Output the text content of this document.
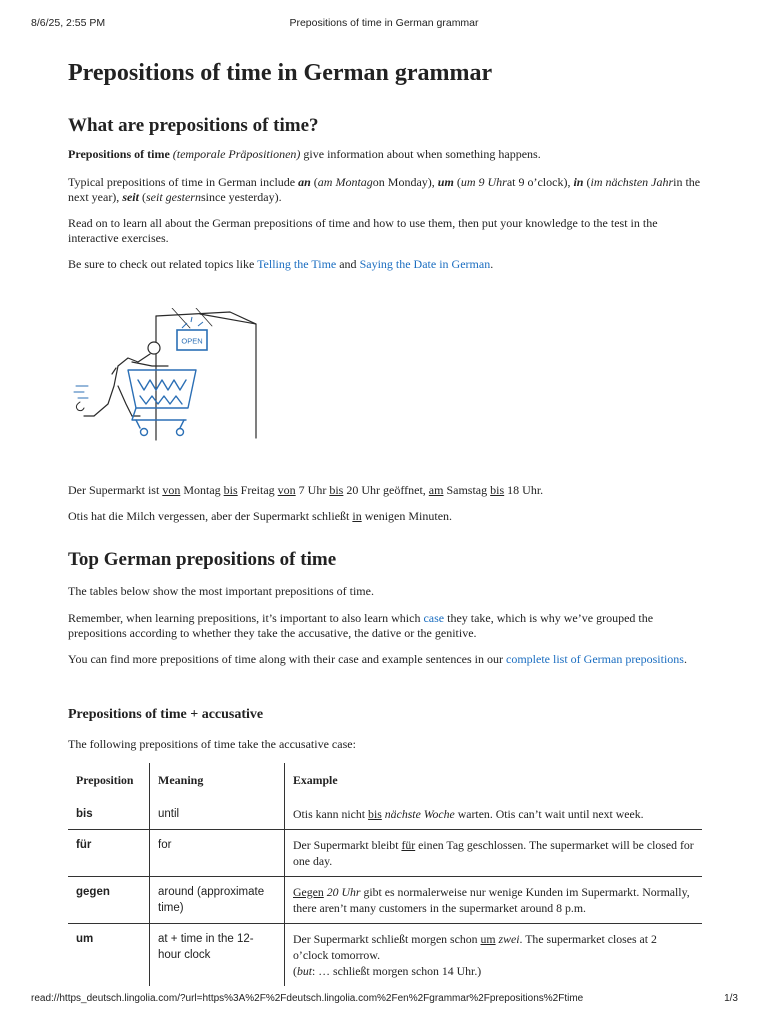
8/6/25, 2:55 PM	Prepositions of time in German grammar
Prepositions of time in German grammar
What are prepositions of time?

Prepositions of time (temporale Präpositionen) give information about when something happens.

Typical prepositions of time in German include an (am Montagon Monday), um (um 9 Uhrat 9 o’clock), in (im nächsten Jahrin the next year), seit (seit gesternsince yesterday).

Read on to learn all about the German prepositions of time and how to use them, then put your knowledge to the test in the interactive exercises.

Be sure to check out related topics like Telling the Time and Saying the Date in German.

OPEN

Der Supermarkt ist von Montag bis Freitag von 7 Uhr bis 20 Uhr geöffnet, am Samstag bis 18 Uhr.

Otis hat die Milch vergessen, aber der Supermarkt schließt in wenigen Minuten.

Top German prepositions of time

The tables below show the most important prepositions of time.

Remember, when learning prepositions, it’s important to also learn which case they take, which is why we’ve grouped the prepositions according to whether they take the accusative, the dative or the genitive.

You can find more prepositions of time along with their case and example sentences in our complete list of German prepositions.

Prepositions of time + accusative

The following prepositions of time take the accusative case:

Preposition	Meaning	Example
bis	until	Otis kann nicht bis nächste Woche warten. Otis can’t wait until next week.
für	for	Der Supermarkt bleibt für einen Tag geschlossen. The supermarket will be closed for one day.
gegen	around (approximate time)	Gegen 20 Uhr gibt es normalerweise nur wenige Kunden im Supermarkt. Normally, there aren’t many customers in the supermarket around 8 p.m.
um	at + time in the 12-hour clock	Der Supermarkt schließt morgen schon um zwei. The supermarket closes at 2 o’clock tomorrow.
(but: … schließt morgen schon 14 Uhr.)
read://https_deutsch.lingolia.com/?url=https%3A%2F%2Fdeutsch.lingolia.com%2Fen%2Fgrammar%2Fprepositions%2Ftime	1/3
